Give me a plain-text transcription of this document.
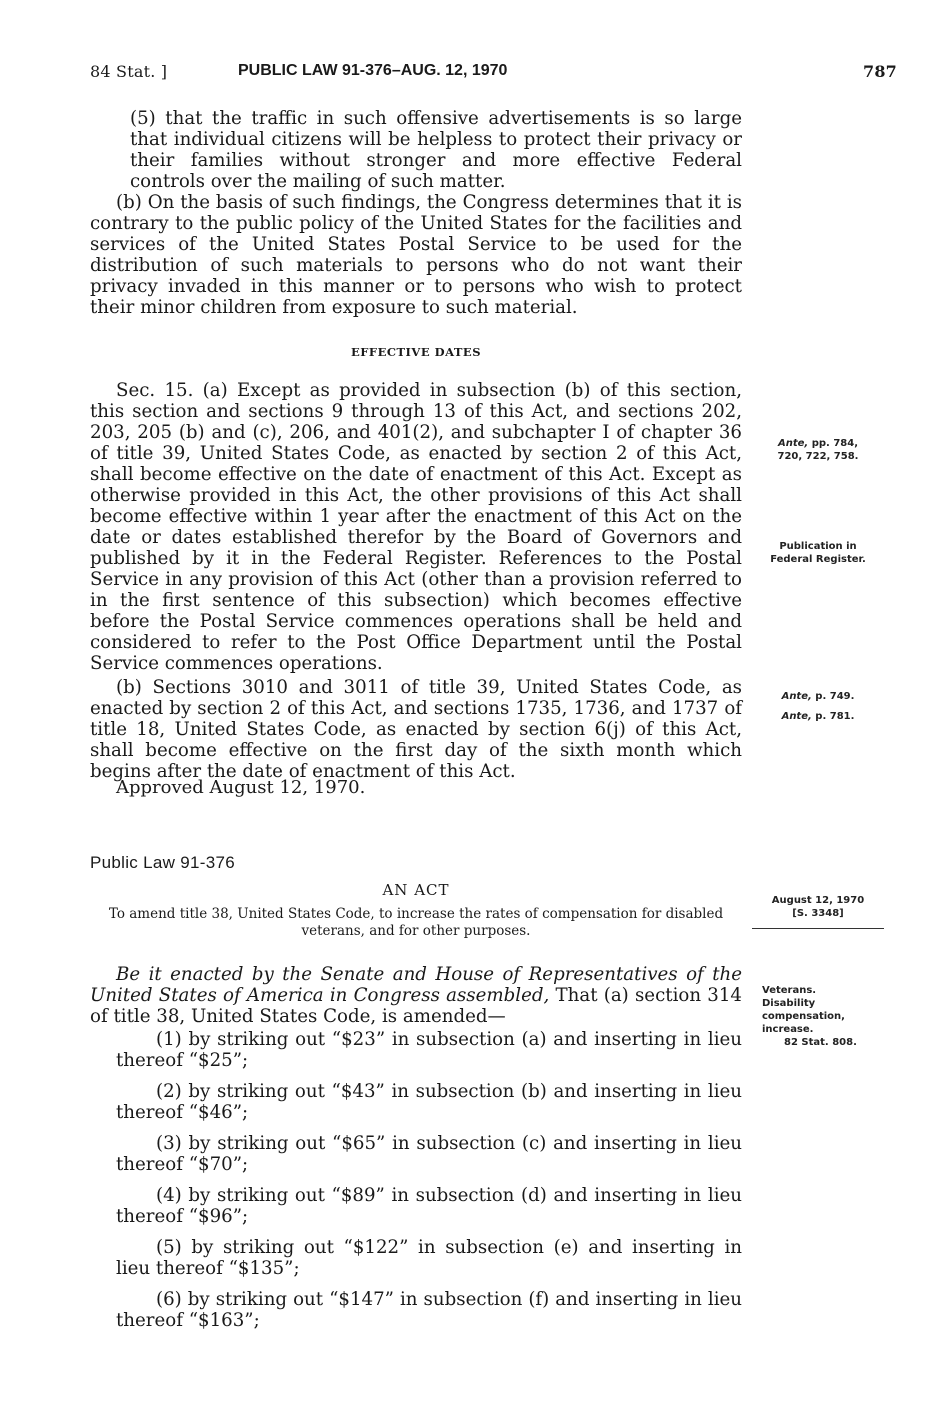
84 Stat. ]	PUBLIC LAW 91-376–AUG. 12, 1970	787

(5) that the traffic in such offensive advertisements is so large that individual citizens will be helpless to protect their privacy or their families without stronger and more effective Federal controls over the mailing of such matter.

(b) On the basis of such findings, the Congress determines that it is contrary to the public policy of the United States for the facilities and services of the United States Postal Service to be used for the distribution of such materials to persons who do not want their privacy invaded in this manner or to persons who wish to protect their minor children from exposure to such material.

EFFECTIVE DATES

Sec. 15. (a) Except as provided in subsection (b) of this section, this section and sections 9 through 13 of this Act, and sections 202, 203, 205 (b) and (c), 206, and 401(2), and subchapter I of chapter 36 of title 39, United States Code, as enacted by section 2 of this Act, shall become effective on the date of enactment of this Act. Except as otherwise provided in this Act, the other provisions of this Act shall become effective within 1 year after the enactment of this Act on the date or dates established therefor by the Board of Governors and published by it in the Federal Register. References to the Postal Service in any provision of this Act (other than a provision referred to in the first sentence of this subsection) which becomes effective before the Postal Service commences operations shall be held and considered to refer to the Post Office Department until the Postal Service commences operations.

(b) Sections 3010 and 3011 of title 39, United States Code, as enacted by section 2 of this Act, and sections 1735, 1736, and 1737 of title 18, United States Code, as enacted by section 6(j) of this Act, shall become effective on the first day of the sixth month which begins after the date of enactment of this Act.

Approved August 12, 1970.
Public Law 91-376
AN ACT
To amend title 38, United States Code, to increase the rates of compensation for disabled veterans, and for other purposes.

Be it enacted by the Senate and House of Representatives of the United States of America in Congress assembled, That (a) section 314 of title 38, United States Code, is amended—

(1) by striking out “$23” in subsection (a) and inserting in lieu thereof “$25”;

(2) by striking out “$43” in subsection (b) and inserting in lieu thereof “$46”;

(3) by striking out “$65” in subsection (c) and inserting in lieu thereof “$70”;

(4) by striking out “$89” in subsection (d) and inserting in lieu thereof “$96”;

(5) by striking out “$122” in subsection (e) and inserting in lieu thereof “$135”;

(6) by striking out “$147” in subsection (f) and inserting in lieu thereof “$163”;

Ante, pp. 784,
720, 722, 758.
Publication in
Federal Register.
Ante, p. 749.
Ante, p. 781.
August 12, 1970
[S. 3348]
Veterans.
Disability
compensation,
increase.
82 Stat. 808.
